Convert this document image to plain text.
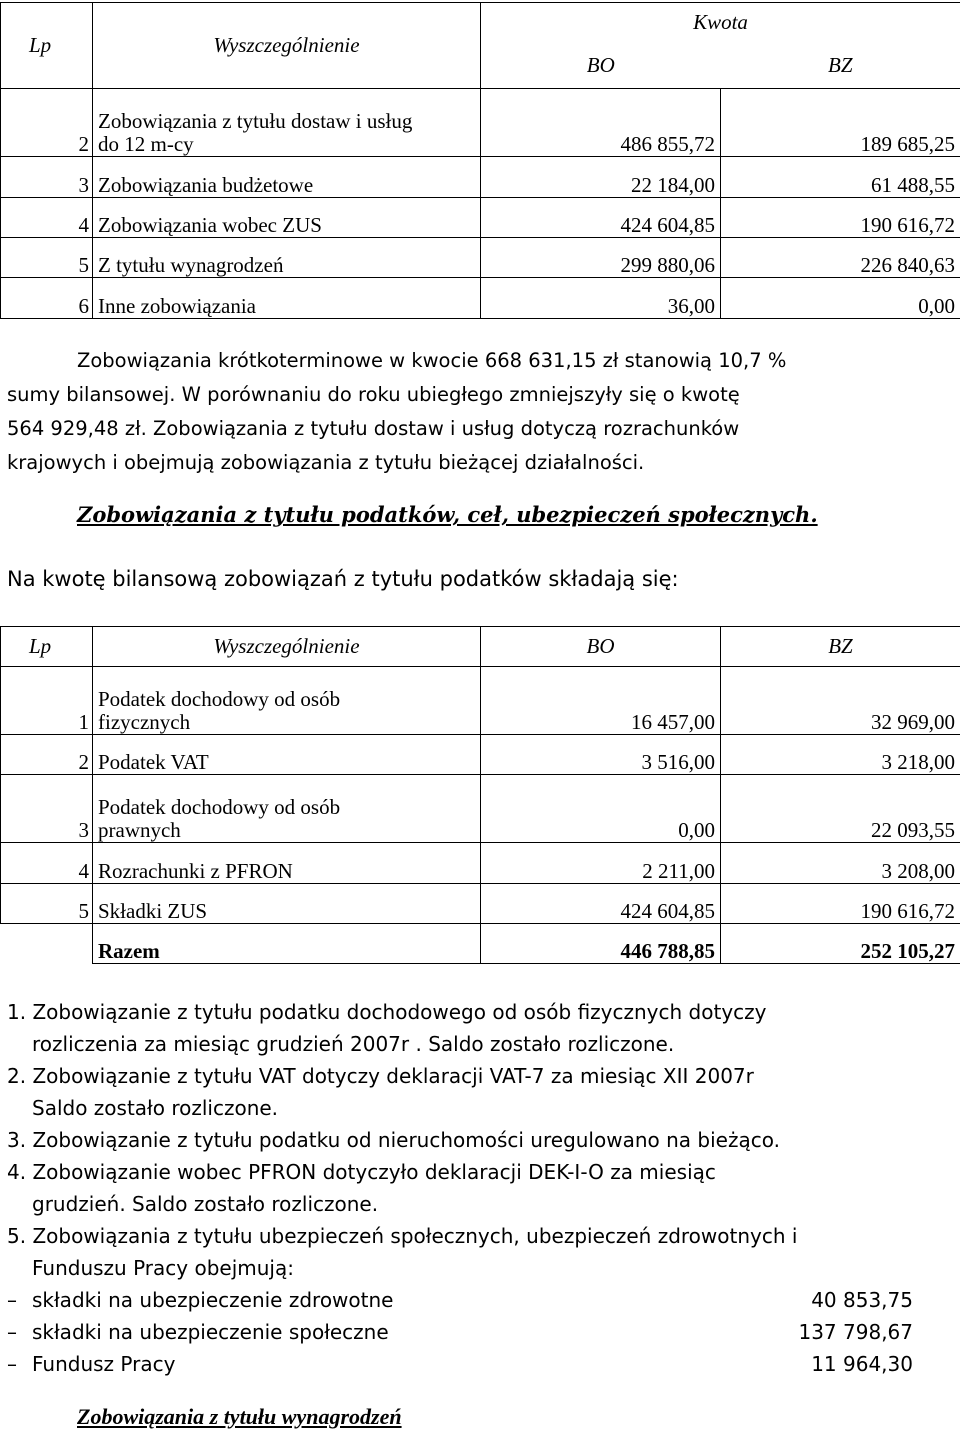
Lp	Wyszczególnienie	Kwota	
		BO	BZ
2	Zobowiązania z tytułu dostaw i usług
do 12 m-cy	486 855,72	189 685,25
3	Zobowiązania budżetowe	22 184,00	61 488,55
4	Zobowiązania wobec ZUS	424 604,85	190 616,72
5	Z tytułu wynagrodzeń	299 880,06	226 840,63
6	Inne zobowiązania	36,00	0,00
Zobowiązania krótkoterminowe w kwocie 668 631,15 zł stanowią 10,7 %
sumy bilansowej. W porównaniu do roku ubiegłego zmniejszyły się o kwotę
564 929,48 zł. Zobowiązania z tytułu dostaw i usług dotyczą rozrachunków
krajowych i obejmują zobowiązania z tytułu bieżącej działalności.
Zobowiązania z tytułu podatków, ceł, ubezpieczeń społecznych.
Na kwotę bilansową zobowiązań z tytułu podatków składają się:
Lp	Wyszczególnienie	BO	BZ
1	Podatek dochodowy od osób
fizycznych	16 457,00	32 969,00
2	Podatek VAT	3 516,00	3 218,00
3	Podatek dochodowy od osób
prawnych	0,00	22 093,55
4	Rozrachunki z PFRON	2 211,00	3 208,00
5	Składki ZUS	424 604,85	190 616,72
	Razem	446 788,85	252 105,27
1. Zobowiązanie z tytułu podatku dochodowego od osób fizycznych dotyczy
rozliczenia za miesiąc grudzień 2007r . Saldo zostało rozliczone.
2. Zobowiązanie z tytułu VAT dotyczy deklaracji VAT-7 za miesiąc XII 2007r
Saldo zostało rozliczone.
3. Zobowiązanie z tytułu podatku od nieruchomości uregulowano na bieżąco.
4. Zobowiązanie wobec PFRON dotyczyło deklaracji DEK-I-O za miesiąc
grudzień. Saldo zostało rozliczone.
5. Zobowiązania z tytułu ubezpieczeń społecznych, ubezpieczeń zdrowotnych i
Funduszu Pracy obejmują:
– składki na ubezpieczenie zdrowotne	40 853,75
– składki na ubezpieczenie społeczne	137 798,67
– Fundusz Pracy	11 964,30
Zobowiązania z tytułu wynagrodzeń
